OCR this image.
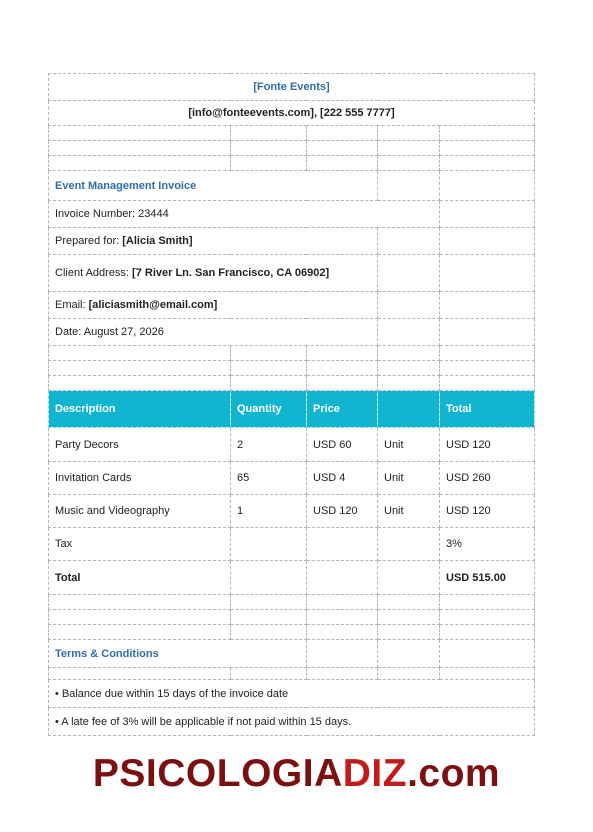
[Fonte Events]				
[info@fonteevents.com], [222 555 7777]				

Event Management Invoice				
Invoice Number: 23444				
Prepared for: [Alicia Smith]				
Client Address: [7 River Ln. San Francisco, CA 06902]				
Email: [aliciasmith@email.com]				
Date: August 27, 2026				

Description	Quantity	Price		Total
Party Decors	2	USD 60	Unit	USD 120
Invitation Cards	65	USD 4	Unit	USD 260
Music and Videography	1	USD 120	Unit	USD 120
Tax				3%
Total				USD 515.00

Terms & Conditions				

• Balance due within 15 days of the invoice date				
• A late fee of 3% will be applicable if not paid within 15 days.				
PSICOLOGIADIZ.com
